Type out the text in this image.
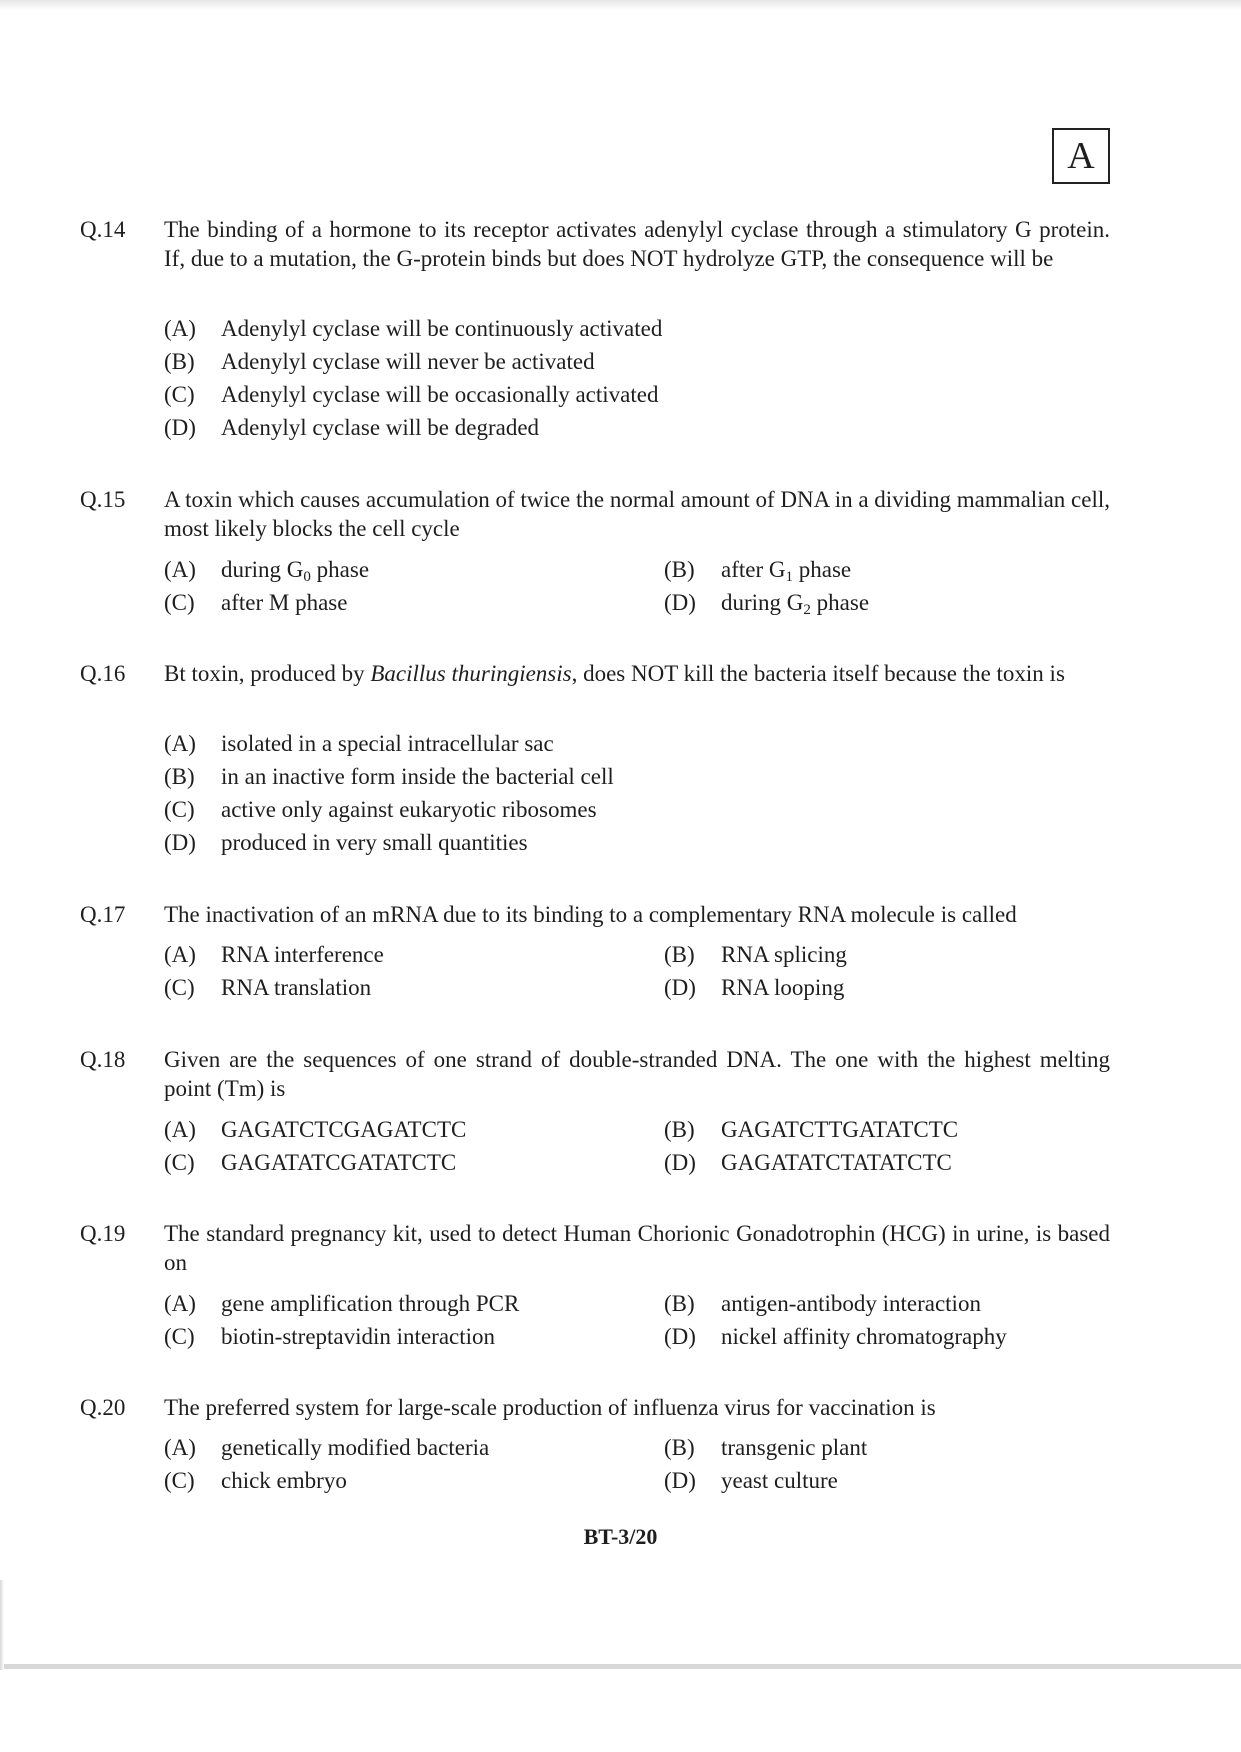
A
Q.14 The binding of a hormone to its receptor activates adenylyl cyclase through a stimulatory G protein. If, due to a mutation, the G-protein binds but does NOT hydrolyze GTP, the consequence will be
(A) Adenylyl cyclase will be continuously activated
(B) Adenylyl cyclase will never be activated
(C) Adenylyl cyclase will be occasionally activated
(D) Adenylyl cyclase will be degraded
Q.15 A toxin which causes accumulation of twice the normal amount of DNA in a dividing mammalian cell, most likely blocks the cell cycle
(A) during $G_0$ phase	(B) after $G_1$ phase
(C) after M phase	(D) during $G_2$ phase
Q.16 Bt toxin, produced by Bacillus thuringiensis, does NOT kill the bacteria itself because the toxin is
(A) isolated in a special intracellular sac
(B) in an inactive form inside the bacterial cell
(C) active only against eukaryotic ribosomes
(D) produced in very small quantities
Q.17 The inactivation of an mRNA due to its binding to a complementary RNA molecule is called
(A) RNA interference	(B) RNA splicing
(C) RNA translation	(D) RNA looping
Q.18 Given are the sequences of one strand of double-stranded DNA. The one with the highest melting point (Tm) is
(A) GAGATCTCGAGATCTC	(B) GAGATCTTGATATCTC
(C) GAGATATCGATATCTC	(D) GAGATATCTATATCTC
Q.19 The standard pregnancy kit, used to detect Human Chorionic Gonadotrophin (HCG) in urine, is based on
(A) gene amplification through PCR	(B) antigen-antibody interaction
(C) biotin-streptavidin interaction	(D) nickel affinity chromatography
Q.20 The preferred system for large-scale production of influenza virus for vaccination is
(A) genetically modified bacteria	(B) transgenic plant
(C) chick embryo	(D) yeast culture
BT-3/20
